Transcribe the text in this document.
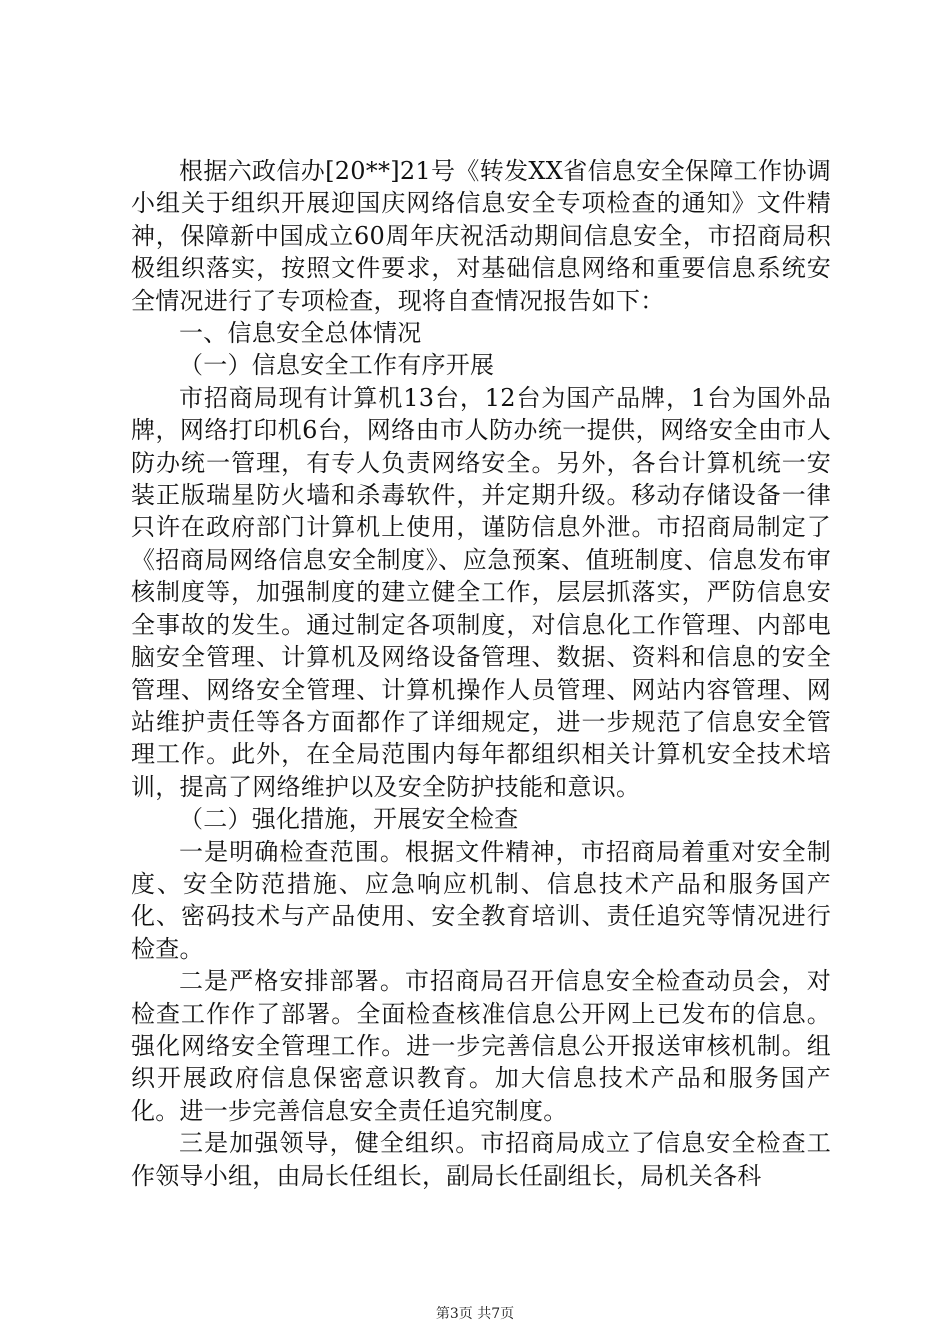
根据六政信办[20**]21号《转发XX省信息安全保障工作协调小组关于组织开展迎国庆网络信息安全专项检查的通知》文件精神，保障新中国成立60周年庆祝活动期间信息安全，市招商局积极组织落实，按照文件要求，对基础信息网络和重要信息系统安全情况进行了专项检查，现将自查情况报告如下：

一、信息安全总体情况

（一）信息安全工作有序开展

市招商局现有计算机13台，12台为国产品牌，1台为国外品牌，网络打印机6台，网络由市人防办统一提供，网络安全由市人防办统一管理，有专人负责网络安全。另外，各台计算机统一安装正版瑞星防火墙和杀毒软件，并定期升级。移动存储设备一律只许在政府部门计算机上使用，谨防信息外泄。市招商局制定了《招商局网络信息安全制度》、应急预案、值班制度、信息发布审核制度等，加强制度的建立健全工作，层层抓落实，严防信息安全事故的发生。通过制定各项制度，对信息化工作管理、内部电脑安全管理、计算机及网络设备管理、数据、资料和信息的安全管理、网络安全管理、计算机操作人员管理、网站内容管理、网站维护责任等各方面都作了详细规定，进一步规范了信息安全管理工作。此外，在全局范围内每年都组织相关计算机安全技术培训，提高了网络维护以及安全防护技能和意识。

（二）强化措施，开展安全检查

一是明确检查范围。根据文件精神，市招商局着重对安全制度、安全防范措施、应急响应机制、信息技术产品和服务国产化、密码技术与产品使用、安全教育培训、责任追究等情况进行检查。

二是严格安排部署。市招商局召开信息安全检查动员会，对检查工作作了部署。全面检查核准信息公开网上已发布的信息。强化网络安全管理工作。进一步完善信息公开报送审核机制。组织开展政府信息保密意识教育。加大信息技术产品和服务国产化。进一步完善信息安全责任追究制度。

三是加强领导，健全组织。市招商局成立了信息安全检查工作领导小组，由局长任组长，副局长任副组长，局机关各科

第3页 共7页
